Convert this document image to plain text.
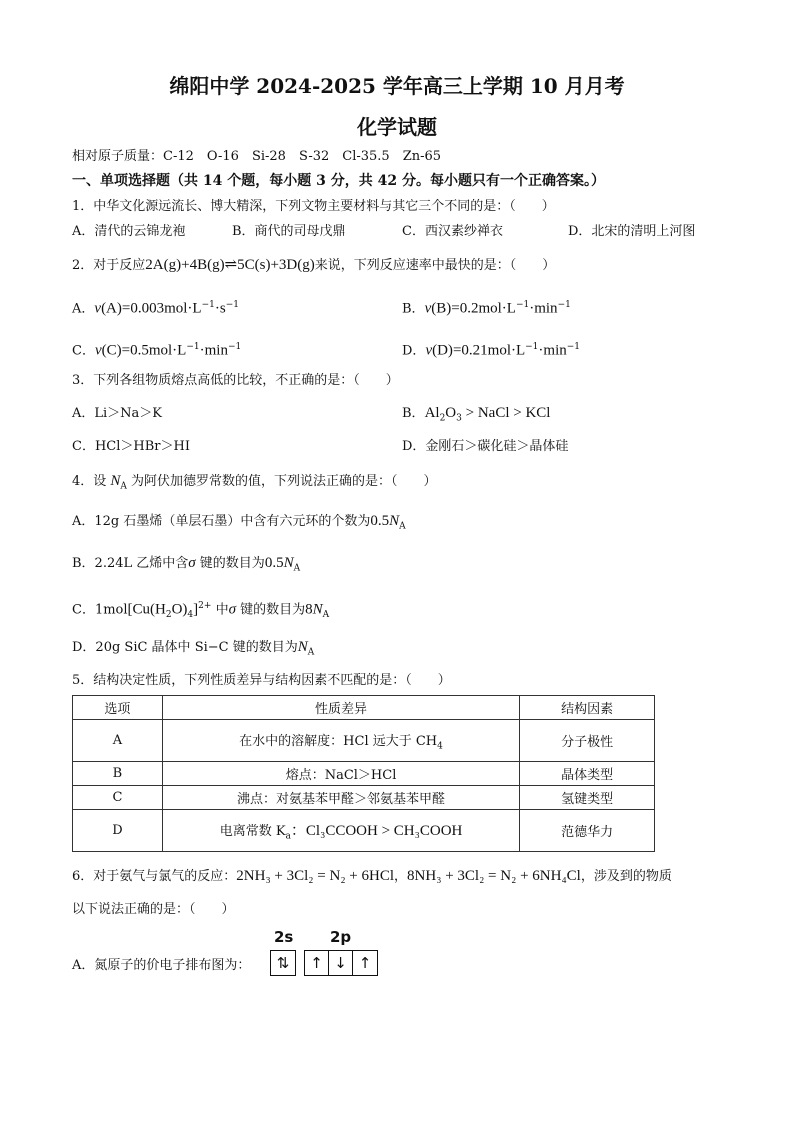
绵阳中学 2024-2025 学年高三上学期 10 月月考
化学试题
相对原子质量：C-12　O-16　Si-28　S-32　Cl-35.5　Zn-65
一、单项选择题（共 14 个题，每小题 3 分，共 42 分。每小题只有一个正确答案。）
1．中华文化源远流长、博大精深，下列文物主要材料与其它三个不同的是：（　　）
A．清代的云锦龙袍	B．商代的司母戊鼎	C．西汉素纱禅衣	D．北宋的清明上河图
2．对于反应2A(g)+4B(g)⇌5C(s)+3D(g)来说，下列反应速率中最快的是：（　　）
A．$v(A)=0.003mol\cdot L^{-1}\cdot s^{-1}$	B．$v(B)=0.2mol\cdot L^{-1}\cdot\min^{-1}$
C．$v(C)=0.5mol\cdot L^{-1}\cdot\min^{-1}$	D．$v(D)=0.21mol\cdot L^{-1}\cdot\min^{-1}$
3．下列各组物质熔点高低的比较，不正确的是：（　　）
A．Li＞Na＞K	B．$Al_2O_3$ > NaCl > KCl
C．HCl＞HBr＞HI	D．金刚石＞碳化硅＞晶体硅
4．设 $N_A$ 为阿伏加德罗常数的值，下列说法正确的是：（　　）
A．12g 石墨烯（单层石墨）中含有六元环的个数为$0.5N_A$
B．2.24L 乙烯中含σ 键的数目为$0.5N_A$
C．$1mol[Cu(H_2O)_4]^{2+}$ 中σ 键的数目为$8N_A$
D．20g SiC 晶体中 Si−C 键的数目为$N_A$
5．结构决定性质，下列性质差异与结构因素不匹配的是：（　　）
选项	性质差异	结构因素
A	在水中的溶解度：HCl 远大于 $CH_4$	分子极性
B	熔点：NaCl＞HCl	晶体类型
C	沸点：对氨基苯甲醛＞邻氨基苯甲醛	氢键类型
D	电离常数 $K_a$：Cl₃CCOOH > CH₃COOH	范德华力
6．对于氨气与氯气的反应：2NH₃ + 3Cl₂ = N₂ + 6HCl，8NH₃ + 3Cl₂ = N₂ + 6NH₄Cl，涉及到的物质
以下说法正确的是：（　　）
A．氮原子的价电子排布图为：
2s 2p
⇅	↑ ↓ ↑
